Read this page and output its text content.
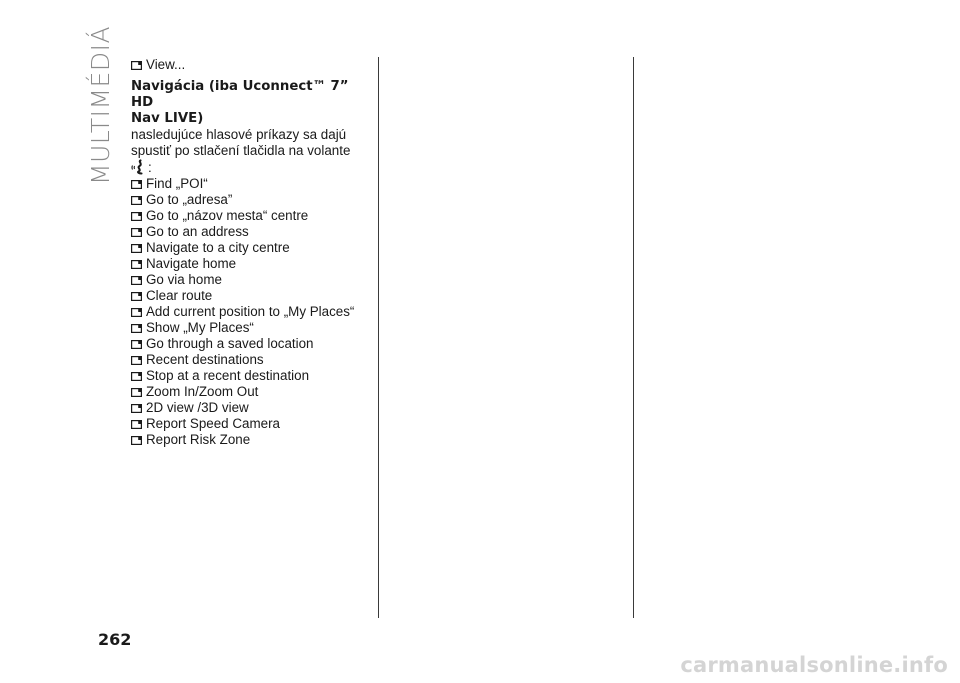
MULTIMÉDIÁ View...
Navigácia (iba Uconnect™ 7” HD
Nav LIVE)
nasledujúce hlasové príkazy sa dajú
spustiť po stlačení tlačidla na volante
:
Find „POI“
Go to „adresa”
Go to „názov mesta“ centre
Go to an address
Navigate to a city centre
Navigate home
Go via home
Clear route
Add current position to „My Places“
Show „My Places“
Go through a saved location
Recent destinations
Stop at a recent destination
Zoom In/Zoom Out
2D view /3D view
Report Speed Camera
Report Risk Zone
262
carmanualsonline.info
